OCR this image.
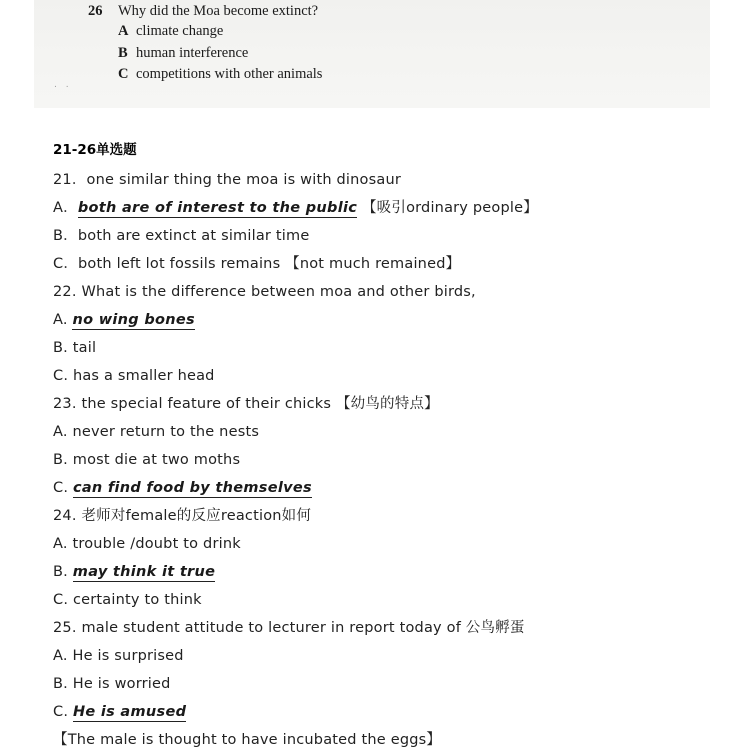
26 Why did the Moa become extinct?
A climate change
B human interference
C competitions with other animals
. .
21-26单选题
21．one similar thing the moa is with dinosaur
A．both are of interest to the public 【吸引ordinary people】
B．both are extinct at similar time
C．both left lot fossils remains 【not much remained】
22. What is the difference between moa and other birds,
A. no wing bones
B. tail
C. has a smaller head
23. the special feature of their chicks 【幼鸟的特点】
A. never return to the nests
B. most die at two moths
C. can find food by themselves
24. 老师对female的反应reaction如何
A. trouble /doubt to drink
B. may think it true
C. certainty to think
25. male student attitude to lecturer in report today of 公鸟孵蛋
A. He is surprised
B. He is worried
C. He is amused
【The male is thought to have incubated the eggs】
